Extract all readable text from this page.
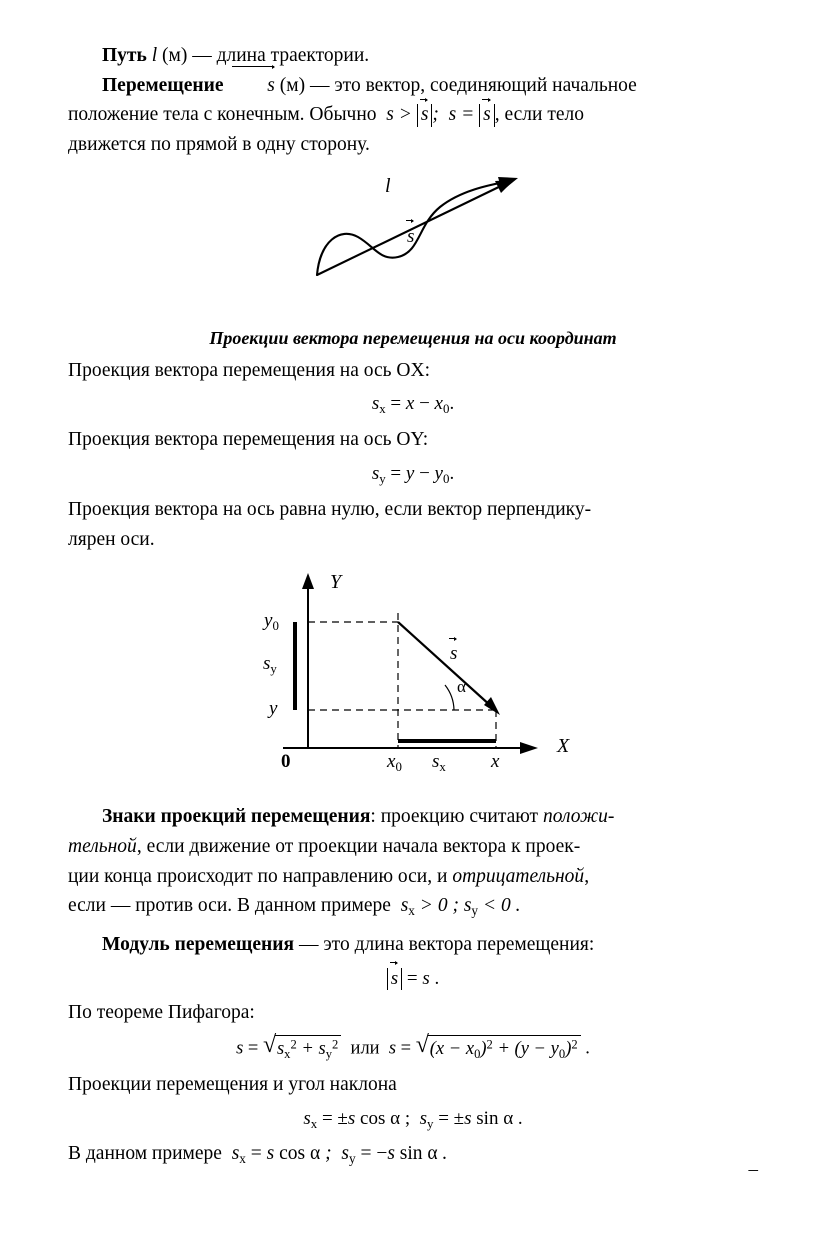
Путь l (м) — длина траектории.

Перемещение s (м) — это вектор, соединяющий начальное

положение тела с конечным. Обычно s > s ; s = s , если тело

движется по прямой в одну сторону.

l
s
Проекции вектора перемещения на оси координат

Проекция вектора перемещения на ось OX:

$s_x = x - x_0$.

Проекция вектора перемещения на ось OY:

$s_y = y - y_0$.

Проекция вектора на ось равна нулю, если вектор перпендику-

лярен оси.

Y
X
0
$y_0$
y
$s_y$
$x_0$ $s_x$ x
s
α

Знаки проекций перемещения: проекцию считают положи-

тельной, если движение от проекции начала вектора к проек-

ции конца происходит по направлению оси, и отрицательной,

если — против оси. В данном примере $s_x > 0$ ; $s_y < 0$ .

Модуль перемещения — это длина вектора перемещения:

s = s .

По теореме Пифагора:

s = √ $s_x^2 + s_y^2$ или s = √ $(x - x_0)^2 + (y - y_0)^2$ .

Проекции перемещения и угол наклона

$s_x = \pm s$ cos α ;  $s_y = \pm s$ sin α .

В данном примере $s_x = s$ cos α ; $s_y = -s$ sin α .

–
